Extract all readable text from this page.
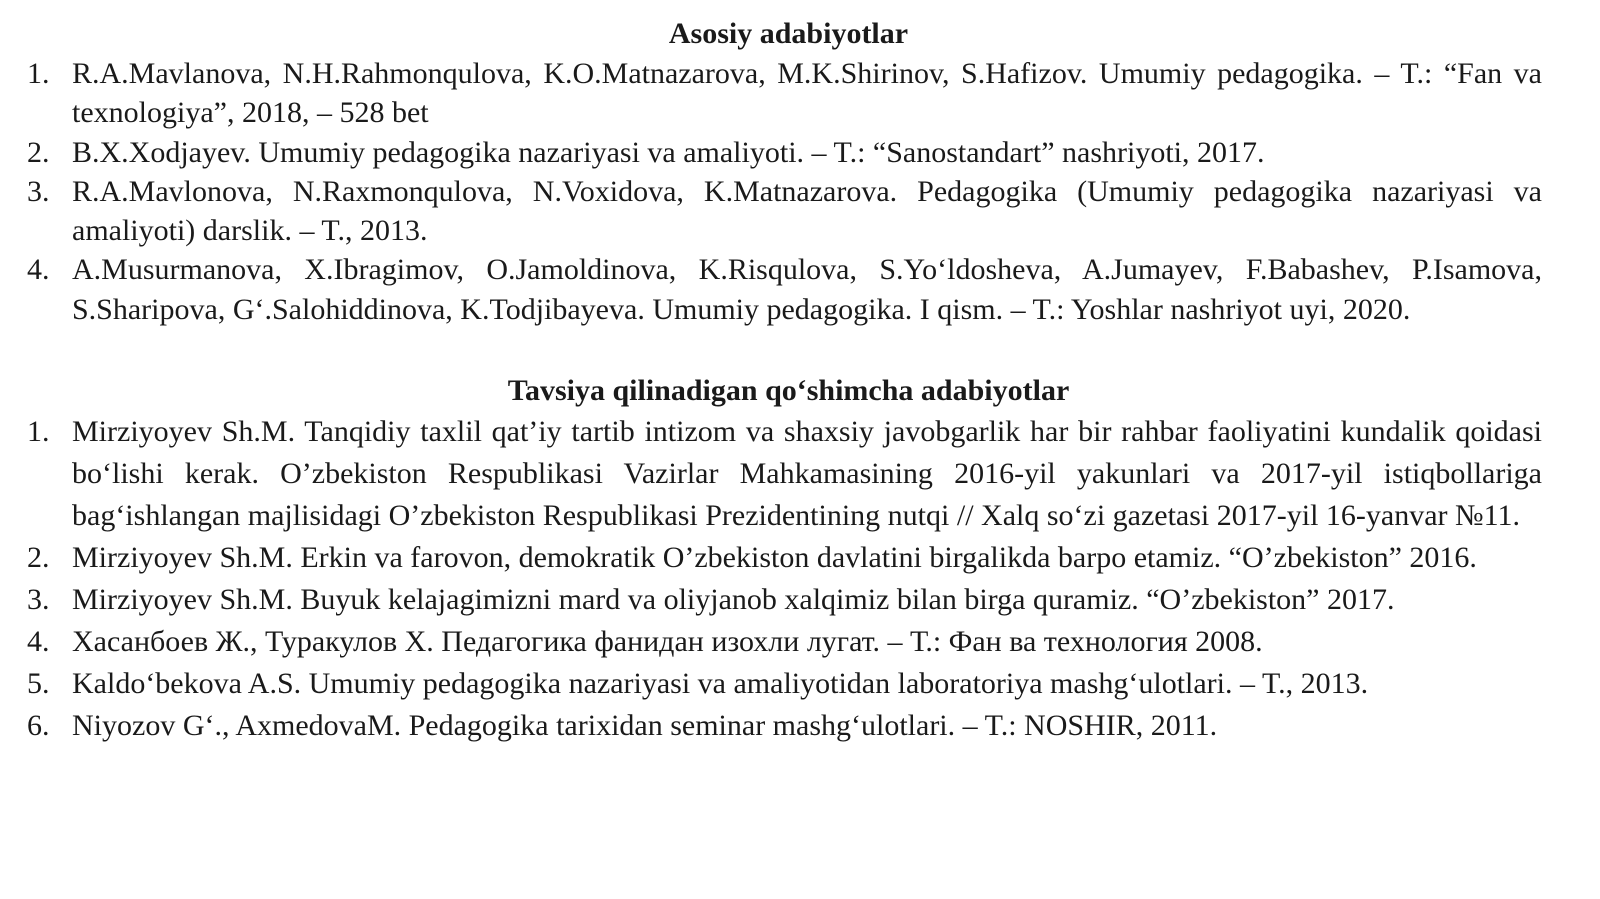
Asosiy adabiyotlar
1. R.A.Mavlanova, N.H.Rahmonqulova, K.O.Matnazarova, M.K.Shirinov, S.Hafizov. Umumiy pedagogika. – T.: “Fan va texnologiya”, 2018, – 528 bet
2. B.X.Xodjayev. Umumiy pedagogika nazariyasi va amaliyoti. – T.: “Sanostandart” nashriyoti, 2017.
3. R.A.Mavlonova, N.Raxmonqulova, N.Voxidova, K.Matnazarova. Pedagogika (Umumiy pedagogika nazariyasi va amaliyoti) darslik. – T., 2013.
4. A.Musurmanova, X.Ibragimov, O.Jamoldinova, K.Risqulova, S.Yoʻldosheva, A.Jumayev, F.Babashev, P.Isamova, S.Sharipova, Gʻ.Salohiddinova, K.Todjibayeva. Umumiy pedagogika. I qism. – T.: Yoshlar nashriyot uyi, 2020.
Tavsiya qilinadigan qoʻshimcha adabiyotlar
1. Mirziyoyev Sh.M. Tanqidiy taxlil qat’iy tartib intizom va shaxsiy javobgarlik har bir rahbar faoliyatini kundalik qoidasi boʻlishi kerak. O’zbekiston Respublikasi Vazirlar Mahkamasining 2016-yil yakunlari va 2017-yil istiqbollariga bagʻishlangan majlisidagi O’zbekiston Respublikasi Prezidentining nutqi // Xalq soʻzi gazetasi 2017-yil 16-yanvar №11.
2. Mirziyoyev Sh.M. Erkin va farovon, demokratik O’zbekiston davlatini birgalikda barpo etamiz. “O’zbekiston” 2016.
3. Mirziyoyev Sh.M. Buyuk kelajagimizni mard va oliyjanob xalqimiz bilan birga quramiz. “O’zbekiston” 2017.
4. Хасанбоев Ж., Туракулов Х. Педагогика фанидан изохли лугат. – Т.: Фан ва технология 2008.
5. Kaldoʻbekova A.S. Umumiy pedagogika nazariyasi va amaliyotidan laboratoriya mashgʻulotlari. – T., 2013.
6. Niyozov Gʻ., AxmedovaM. Pedagogika tarixidan seminar mashgʻulotlari. – T.: NOSHIR, 2011.
